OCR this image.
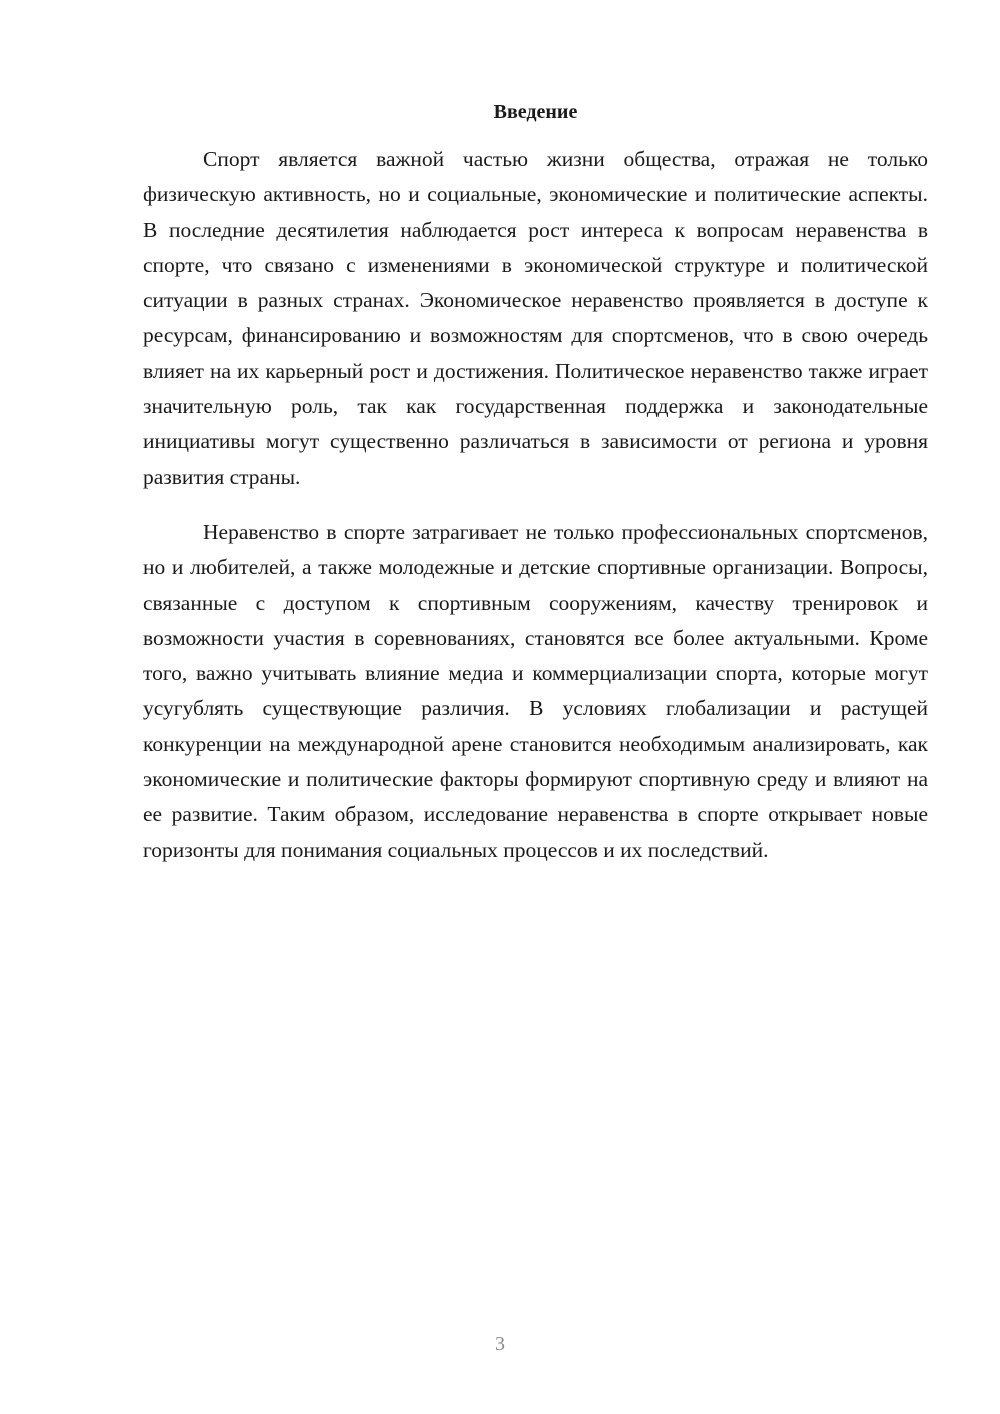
Введение

Спорт является важной частью жизни общества, отражая не только физическую активность, но и социальные, экономические и политические аспекты. В последние десятилетия наблюдается рост интереса к вопросам неравенства в спорте, что связано с изменениями в экономической структуре и политической ситуации в разных странах. Экономическое неравенство проявляется в доступе к ресурсам, финансированию и возможностям для спортсменов, что в свою очередь влияет на их карьерный рост и достижения. Политическое неравенство также играет значительную роль, так как государственная поддержка и законодательные инициативы могут существенно различаться в зависимости от региона и уровня развития страны.

Неравенство в спорте затрагивает не только профессиональных спортсменов, но и любителей, а также молодежные и детские спортивные организации. Вопросы, связанные с доступом к спортивным сооружениям, качеству тренировок и возможности участия в соревнованиях, становятся все более актуальными. Кроме того, важно учитывать влияние медиа и коммерциализации спорта, которые могут усугублять существующие различия. В условиях глобализации и растущей конкуренции на международной арене становится необходимым анализировать, как экономические и политические факторы формируют спортивную среду и влияют на ее развитие. Таким образом, исследование неравенства в спорте открывает новые горизонты для понимания социальных процессов и их последствий.

3
